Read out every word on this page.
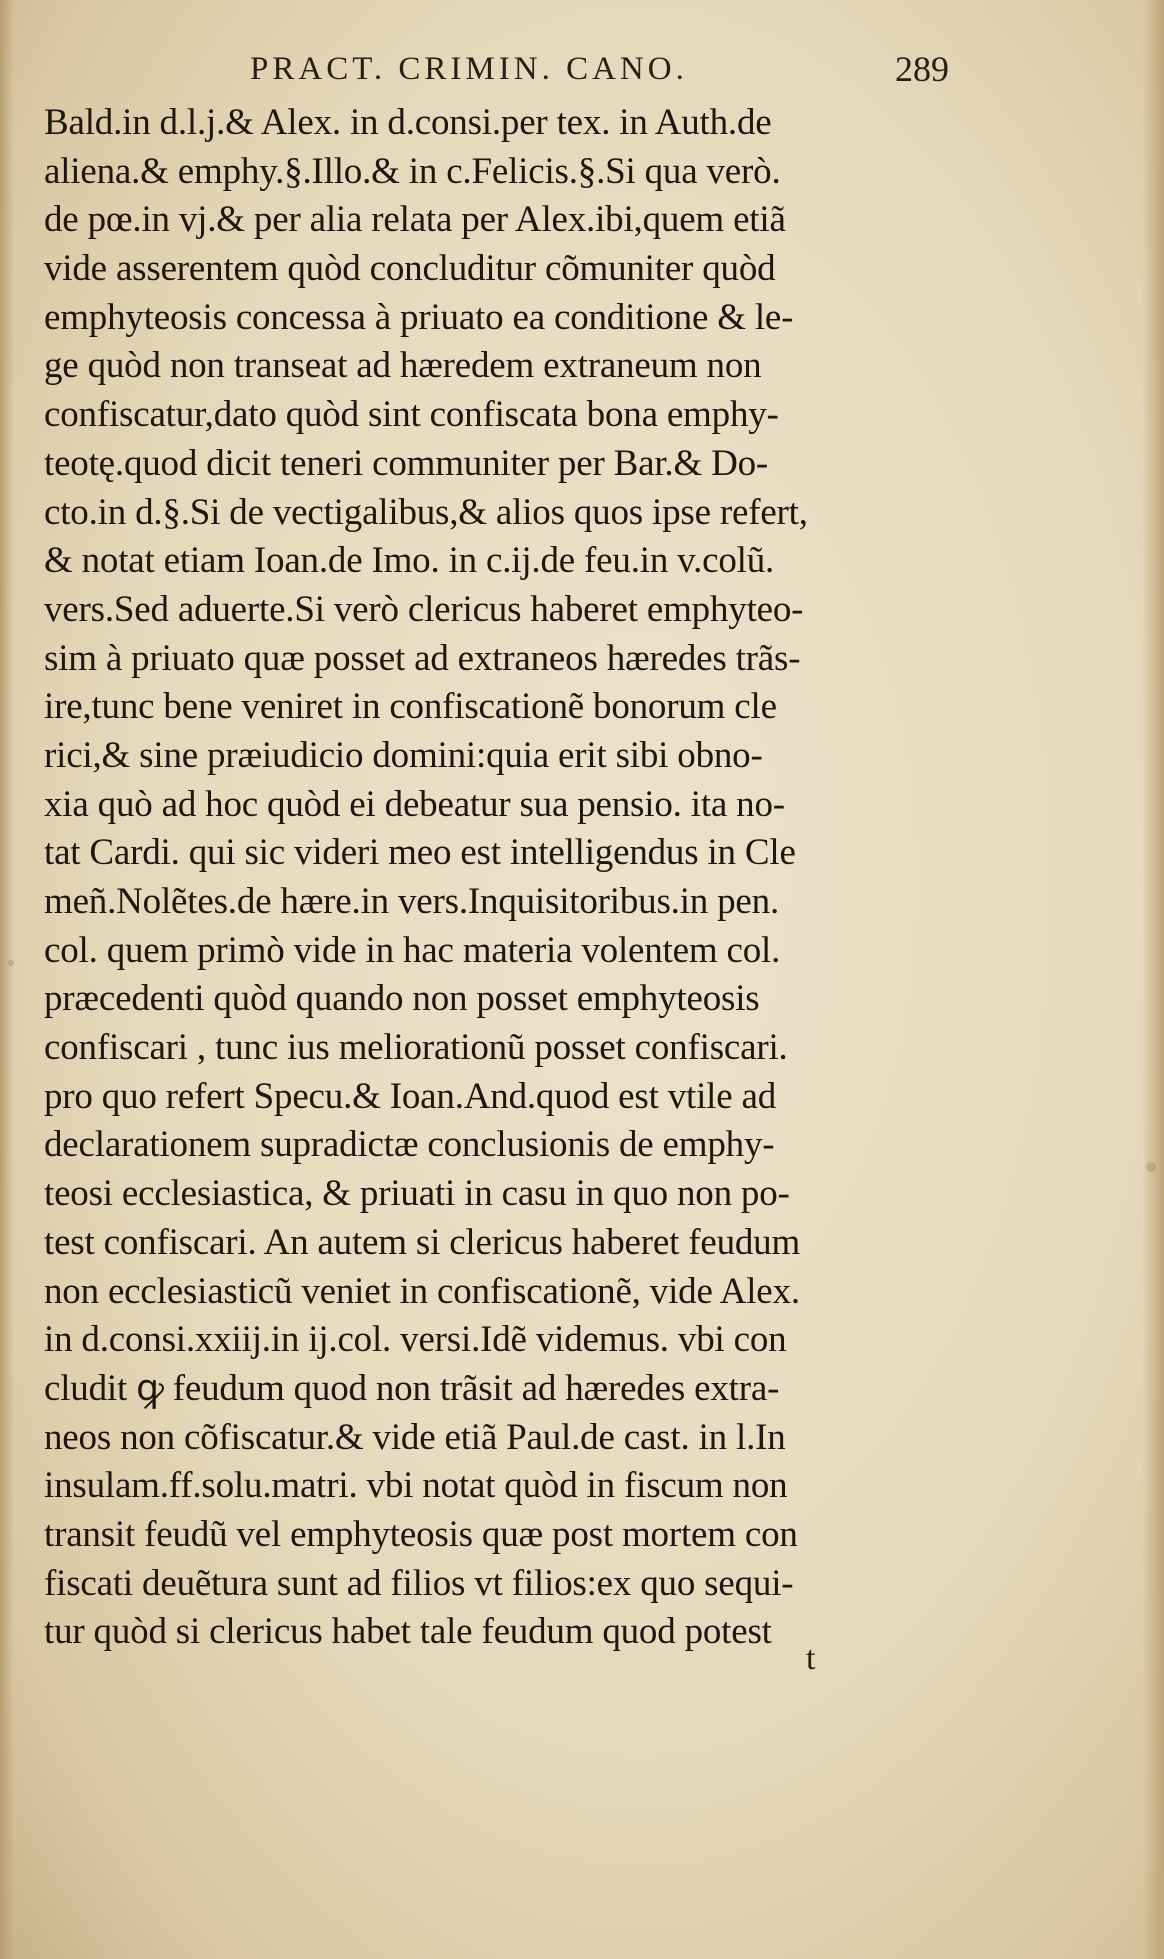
PRACT. CRIMIN. CANO.	289
Bald.in d.l.j.& Alex. in d.consi.per tex. in Auth.de
aliena.& emphy.§.Illo.& in c.Felicis.§.Si qua verò.
de pœ.in vj.& per alia relata per Alex.ibi,quem etiã
vide asserentem quòd concluditur cõmuniter quòd
emphyteosis concessa à priuato ea conditione & le-
ge quòd non transeat ad hæredem extraneum non
confiscatur,dato quòd sint confiscata bona emphy-
teotę.quod dicit teneri communiter per Bar.& Do-
cto.in d.§.Si de vectigalibus,& alios quos ipse refert,
& notat etiam Ioan.de Imo. in c.ij.de feu.in v.colũ.
vers.Sed aduerte.Si verò clericus haberet emphyteo-
sim à priuato quæ posset ad extraneos hæredes trãs-
ire,tunc bene veniret in confiscationẽ bonorum cle
rici,& sine præiudicio domini:quia erit sibi obno-
xia quò ad hoc quòd ei debeatur sua pensio. ita no-
tat Cardi. qui sic videri meo est intelligendus in Cle
meñ.Nolẽtes.de hære.in vers.Inquisitoribus.in pen.
col. quem primò vide in hac materia volentem col.
præcedenti quòd quando non posset emphyteosis
confiscari , tunc ius meliorationũ posset confiscari.
pro quo refert Specu.& Ioan.And.quod est vtile ad
declarationem supradictæ conclusionis de emphy-
teosi ecclesiastica, & priuati in casu in quo non po-
test confiscari. An autem si clericus haberet feudum
non ecclesiasticũ veniet in confiscationẽ, vide Alex.
in d.consi.xxiij.in ij.col. versi.Idẽ videmus. vbi con
cludit ꝙ feudum quod non trãsit ad hæredes extra-
neos non cõfiscatur.& vide etiã Paul.de cast. in l.In
insulam.ff.solu.matri. vbi notat quòd in fiscum non
transit feudũ vel emphyteosis quæ post mortem con
fiscati deuẽtura sunt ad filios vt filios:ex quo sequi-
tur quòd si clericus habet tale feudum quod potest
t
